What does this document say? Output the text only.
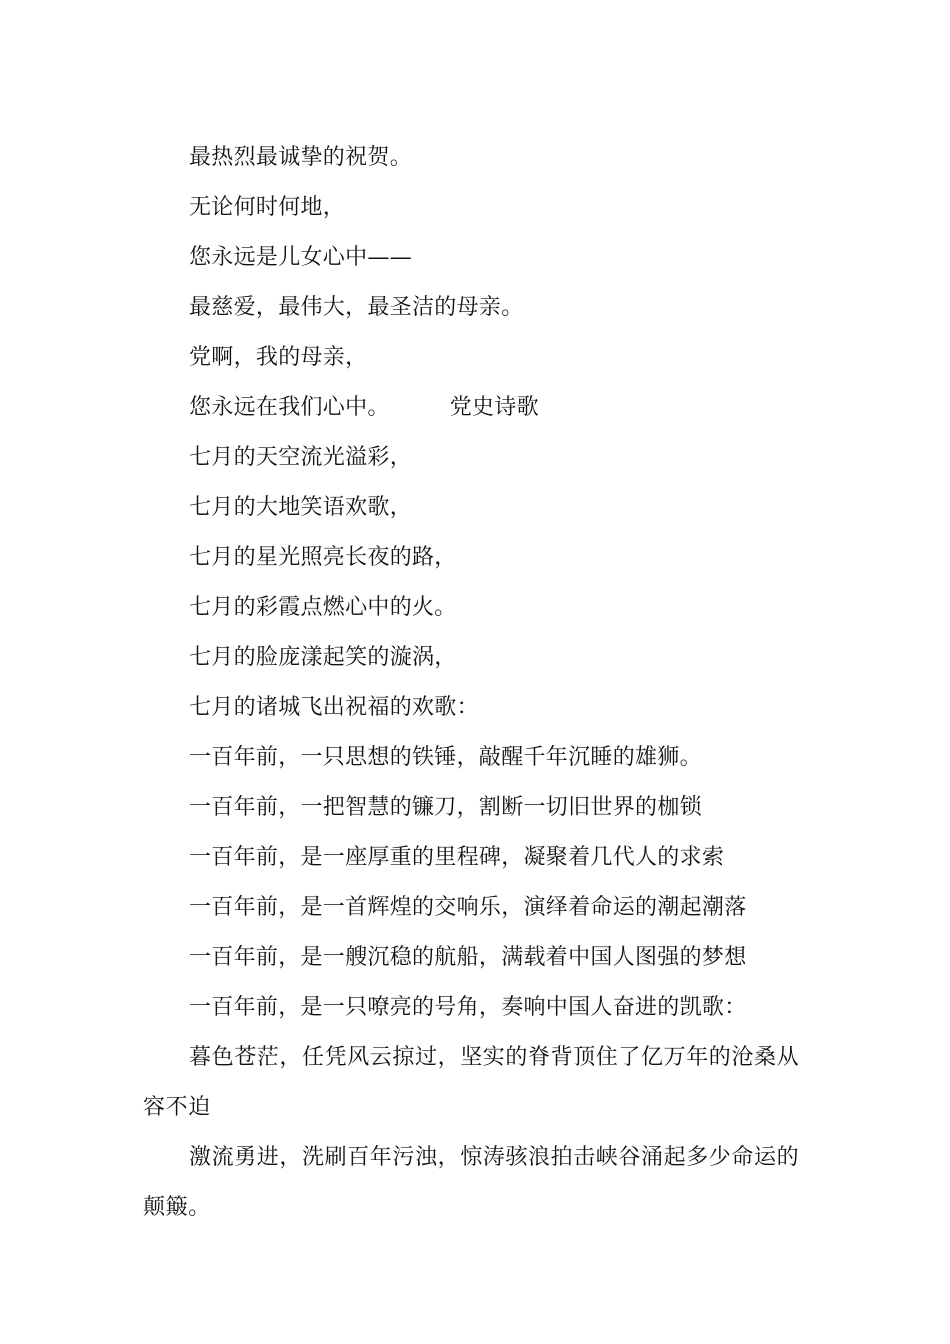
最热烈最诚挚的祝贺。
无论何时何地，
您永远是儿女心中——
最慈爱，最伟大，最圣洁的母亲。
党啊，我的母亲，
您永远在我们心中。	党史诗歌
七月的天空流光溢彩，
七月的大地笑语欢歌，
七月的星光照亮长夜的路，
七月的彩霞点燃心中的火。
七月的脸庞漾起笑的漩涡，
七月的诸城飞出祝福的欢歌：
一百年前，一只思想的铁锤，敲醒千年沉睡的雄狮。
一百年前，一把智慧的镰刀，割断一切旧世界的枷锁
一百年前，是一座厚重的里程碑，凝聚着几代人的求索
一百年前，是一首辉煌的交响乐，演绎着命运的潮起潮落
一百年前，是一艘沉稳的航船，满载着中国人图强的梦想
一百年前，是一只嘹亮的号角，奏响中国人奋进的凯歌：
暮色苍茫，任凭风云掠过，坚实的脊背顶住了亿万年的沧桑从容不迫
激流勇进，洗刷百年污浊，惊涛骇浪拍击峡谷涌起多少命运的颠簸。
